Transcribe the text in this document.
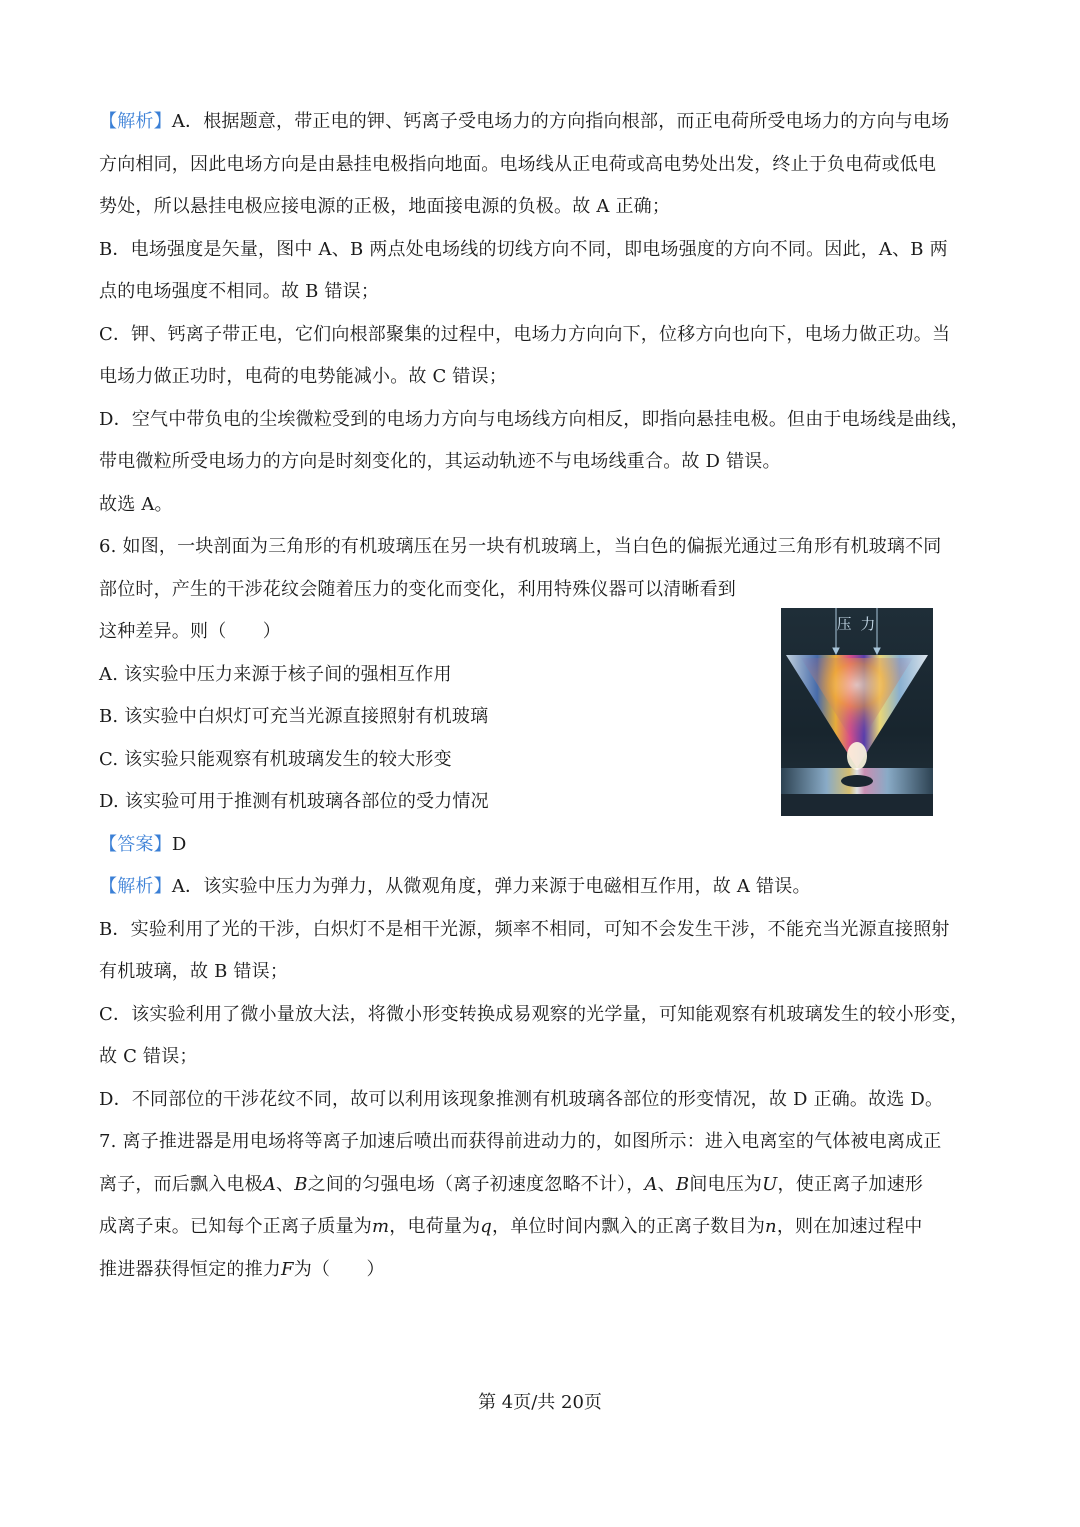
【解析】A．根据题意，带正电的钾、钙离子受电场力的方向指向根部，而正电荷所受电场力的方向与电场
方向相同，因此电场方向是由悬挂电极指向地面。电场线从正电荷或高电势处出发，终止于负电荷或低电
势处，所以悬挂电极应接电源的正极，地面接电源的负极。故 A 正确；
B．电场强度是矢量，图中 A、B 两点处电场线的切线方向不同，即电场强度的方向不同。因此，A、B 两
点的电场强度不相同。故 B 错误；
C．钾、钙离子带正电，它们向根部聚集的过程中，电场力方向向下，位移方向也向下，电场力做正功。当
电场力做正功时，电荷的电势能减小。故 C 错误；
D．空气中带负电的尘埃微粒受到的电场力方向与电场线方向相反，即指向悬挂电极。但由于电场线是曲线，
带电微粒所受电场力的方向是时刻变化的，其运动轨迹不与电场线重合。故 D 错误。
故选 A。
6. 如图，一块剖面为三角形的有机玻璃压在另一块有机玻璃上，当白色的偏振光通过三角形有机玻璃不同
部位时，产生的干涉花纹会随着压力的变化而变化，利用特殊仪器可以清晰看到
这种差异。则（　　）
A. 该实验中压力来源于核子间的强相互作用
B. 该实验中白炽灯可充当光源直接照射有机玻璃
C. 该实验只能观察有机玻璃发生的较大形变
D. 该实验可用于推测有机玻璃各部位的受力情况
【答案】D
【解析】A．该实验中压力为弹力，从微观角度，弹力来源于电磁相互作用，故 A 错误。
B．实验利用了光的干涉，白炽灯不是相干光源，频率不相同，可知不会发生干涉，不能充当光源直接照射
有机玻璃，故 B 错误；
C．该实验利用了微小量放大法，将微小形变转换成易观察的光学量，可知能观察有机玻璃发生的较小形变，
故 C 错误；
D．不同部位的干涉花纹不同，故可以利用该现象推测有机玻璃各部位的形变情况，故 D 正确。故选 D。
7. 离子推进器是用电场将等离子加速后喷出而获得前进动力的，如图所示：进入电离室的气体被电离成正
离子，而后飘入电极A、B之间的匀强电场（离子初速度忽略不计），A、B间电压为U，使正离子加速形
成离子束。已知每个正离子质量为m，电荷量为q，单位时间内飘入的正离子数目为n，则在加速过程中
推进器获得恒定的推力F为（　　）
压 力
第 4页/共 20页
